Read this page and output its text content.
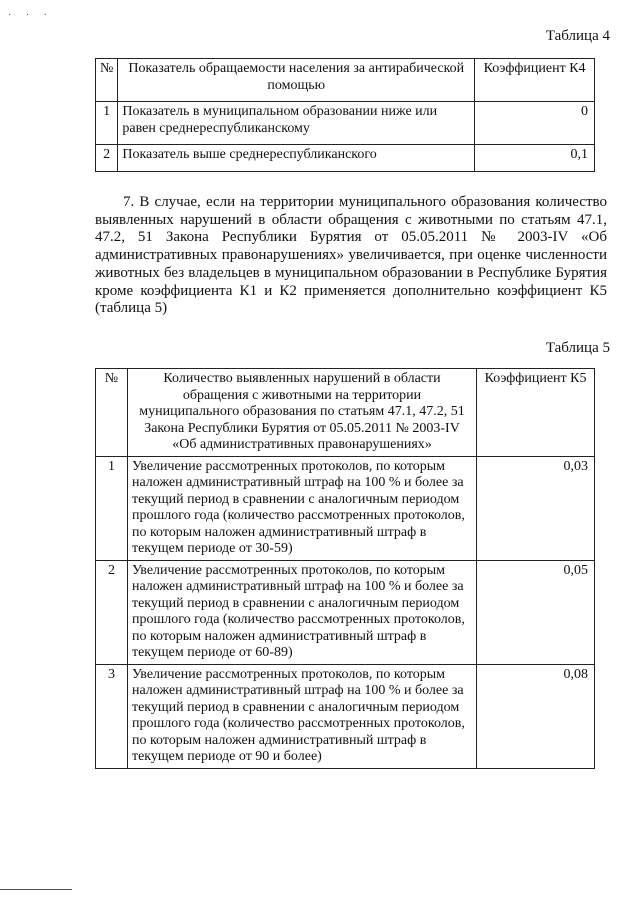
· · ·
Таблица 4
№	Показатель обращаемости населения за антирабической помощью	Коэффициент К4
1	Показатель в муниципальном образовании ниже или равен среднереспубликанскому	0
2	Показатель выше среднереспубликанского	0,1

7. В случае, если на территории муниципального образования количество выявленных нарушений в области обращения с животными по статьям 47.1, 47.2, 51 Закона Республики Бурятия от 05.05.2011 № 2003-IV «Об административных правонарушениях» увеличивается, при оценке численности животных без владельцев в муниципальном образовании в Республике Бурятия кроме коэффициента К1 и К2 применяется дополнительно коэффициент К5 (таблица 5)

Таблица 5
№	Количество выявленных нарушений в области обращения с животными на территории муниципального образования по статьям 47.1, 47.2, 51 Закона Республики Бурятия от 05.05.2011 № 2003-IV «Об административных правонарушениях»	Коэффициент К5
1	Увеличение рассмотренных протоколов, по которым наложен административный штраф на 100 % и более за текущий период в сравнении с аналогичным периодом прошлого года (количество рассмотренных протоколов, по которым наложен административный штраф в текущем периоде от 30-59)	0,03
2	Увеличение рассмотренных протоколов, по которым наложен административный штраф на 100 % и более за текущий период в сравнении с аналогичным периодом прошлого года (количество рассмотренных протоколов, по которым наложен административный штраф в текущем периоде от 60-89)	0,05
3	Увеличение рассмотренных протоколов, по которым наложен административный штраф на 100 % и более за текущий период в сравнении с аналогичным периодом прошлого года (количество рассмотренных протоколов, по которым наложен административный штраф в текущем периоде от 90 и более)	0,08
